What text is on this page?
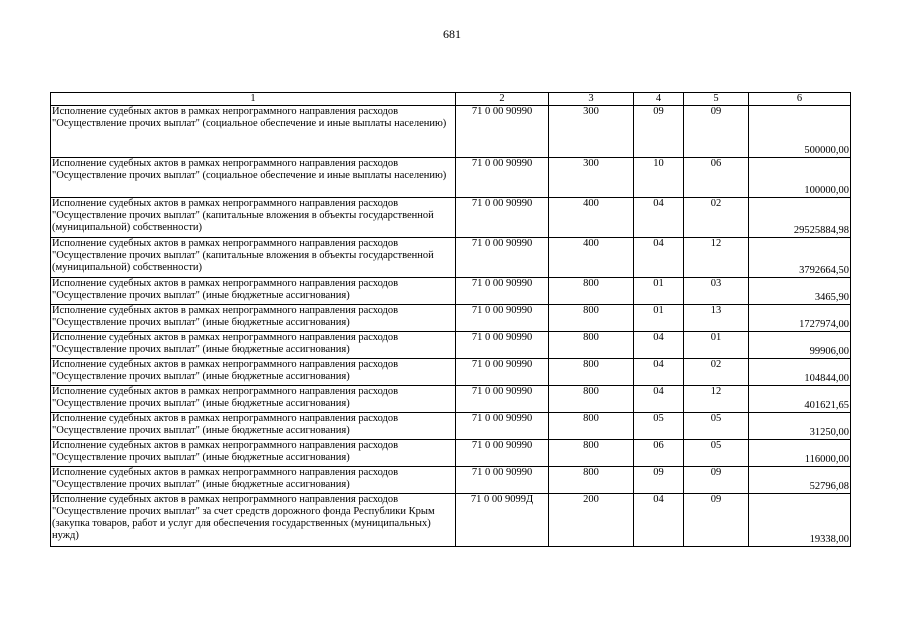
681
1	2	3	4	5	6
Исполнение судебных актов в рамках непрограммного направления расходов "Осуществление прочих выплат" (социальное обеспечение и иные выплаты населению)	71 0 00 90990	300	09	09	500000,00
Исполнение судебных актов в рамках непрограммного направления расходов "Осуществление прочих выплат" (социальное обеспечение и иные выплаты населению)	71 0 00 90990	300	10	06	100000,00
Исполнение судебных актов в рамках непрограммного направления расходов "Осуществление прочих выплат" (капитальные вложения в объекты государственной (муниципальной) собственности)	71 0 00 90990	400	04	02	29525884,98
Исполнение судебных актов в рамках непрограммного направления расходов "Осуществление прочих выплат" (капитальные вложения в объекты государственной (муниципальной) собственности)	71 0 00 90990	400	04	12	3792664,50
Исполнение судебных актов в рамках непрограммного направления расходов "Осуществление прочих выплат" (иные бюджетные ассигнования)	71 0 00 90990	800	01	03	3465,90
Исполнение судебных актов в рамках непрограммного направления расходов "Осуществление прочих выплат" (иные бюджетные ассигнования)	71 0 00 90990	800	01	13	1727974,00
Исполнение судебных актов в рамках непрограммного направления расходов "Осуществление прочих выплат" (иные бюджетные ассигнования)	71 0 00 90990	800	04	01	99906,00
Исполнение судебных актов в рамках непрограммного направления расходов "Осуществление прочих выплат" (иные бюджетные ассигнования)	71 0 00 90990	800	04	02	104844,00
Исполнение судебных актов в рамках непрограммного направления расходов "Осуществление прочих выплат" (иные бюджетные ассигнования)	71 0 00 90990	800	04	12	401621,65
Исполнение судебных актов в рамках непрограммного направления расходов "Осуществление прочих выплат" (иные бюджетные ассигнования)	71 0 00 90990	800	05	05	31250,00
Исполнение судебных актов в рамках непрограммного направления расходов "Осуществление прочих выплат" (иные бюджетные ассигнования)	71 0 00 90990	800	06	05	116000,00
Исполнение судебных актов в рамках непрограммного направления расходов "Осуществление прочих выплат" (иные бюджетные ассигнования)	71 0 00 90990	800	09	09	52796,08
Исполнение судебных актов в рамках непрограммного направления расходов "Осуществление прочих выплат" за счет средств дорожного фонда Республики Крым (закупка товаров, работ и услуг для обеспечения государственных (муниципальных) нужд)	71 0 00 9099Д	200	04	09	19338,00
